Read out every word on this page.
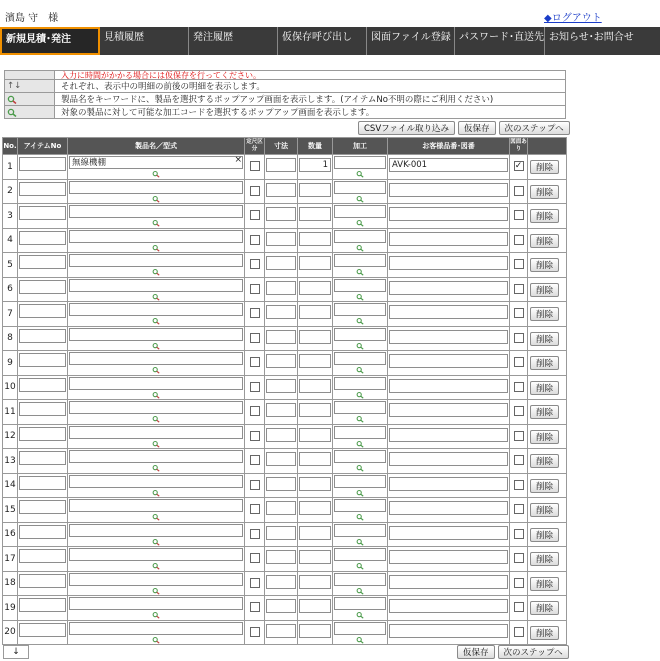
濱島 守　様	◆ログアウト
新規見積･発注	見積履歴	発注履歴	仮保存呼び出し	図面ファイル登録 パスワード･直送先 お知らせ･お問合せ
入力に時間がかかる場合には仮保存を行ってください。
↑↓	それぞれ、表示中の明細の前後の明細を表示します。
製品名をキーワードに、製品を選択するポップアップ画面を表示します。(アイテムNo不明の際にご利用ください)
対象の製品に対して可能な加工コードを選択するポップアップ画面を表示します。
CSVファイル取り込み	仮保存	次のステップへ
No.	アイテムNo	製品名／型式	定尺区分	寸法	数量	加工	お客様品番･図番	図面あり	
1		無線機棚 ×			1		AVK-001	✓	削除

2									削除

3									削除

4									削除

5									削除

6									削除

7									削除

8									削除

9									削除

10									削除

11									削除

12									削除

13									削除

14									削除

15									削除

16									削除

17									削除

18									削除

19									削除

20									削除
↓	仮保存	次のステップへ
